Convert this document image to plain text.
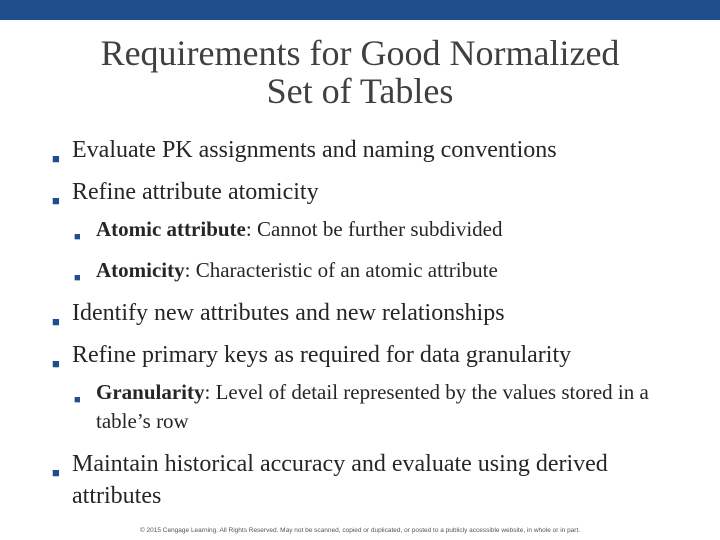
Requirements for Good Normalized
Set of Tables
■ Evaluate PK assignments and naming conventions
■ Refine attribute atomicity
■ Atomic attribute: Cannot be further subdivided
■ Atomicity: Characteristic of an atomic attribute
■ Identify new attributes and new relationships
■ Refine primary keys as required for data granularity
■ Granularity: Level of detail represented by the values stored in a table’s row
■ Maintain historical accuracy and evaluate using derived attributes
© 2015 Cengage Learning. All Rights Reserved. May not be scanned, copied or duplicated, or posted to a publicly accessible website, in whole or in part.
